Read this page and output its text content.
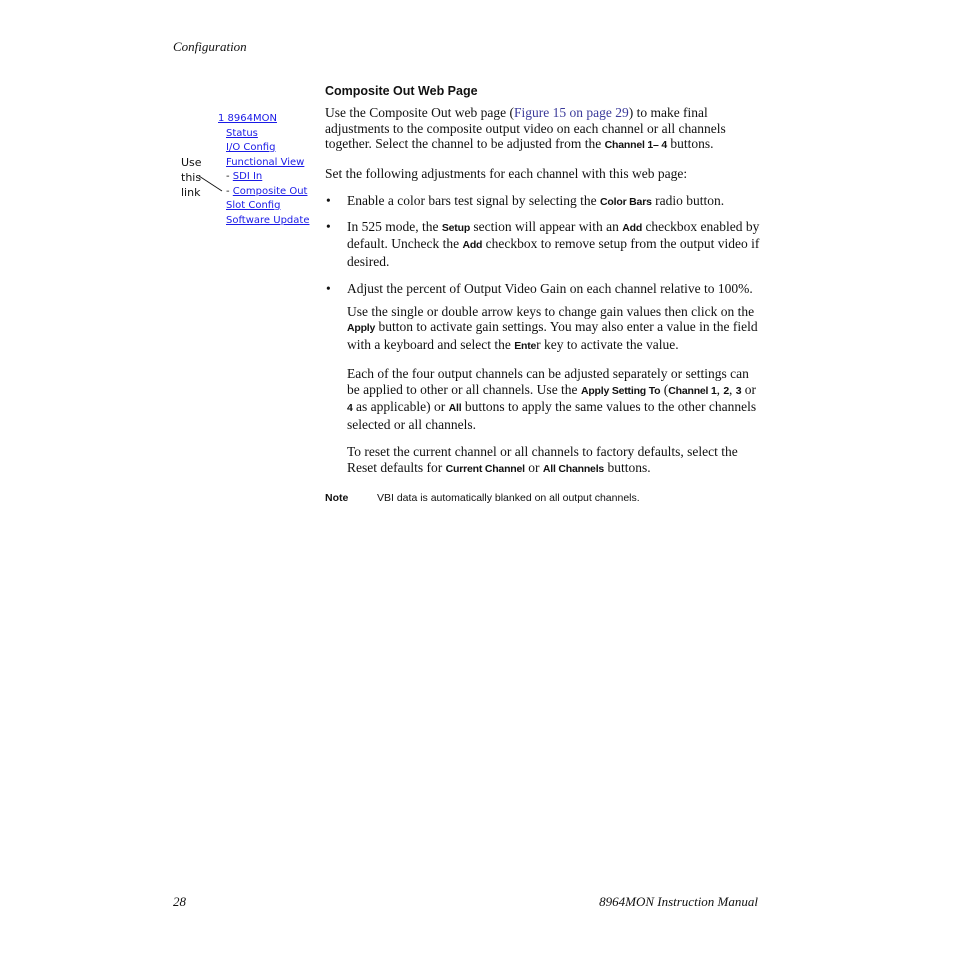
Configuration
1 8964MON
Status
I/O Config
Functional View
- SDI In
- Composite Out
Slot Config
Software Update
Use
this
link
Composite Out Web Page

Use the Composite Out web page (Figure 15 on page 29) to make final adjustments to the composite output video on each channel or all channels together. Select the channel to be adjusted from the Channel 1– 4 buttons.

Set the following adjustments for each channel with this web page:

• Enable a color bars test signal by selecting the Color Bars radio button.
• In 525 mode, the Setup section will appear with an Add checkbox enabled by default. Uncheck the Add checkbox to remove setup from the output video if desired.
• Adjust the percent of Output Video Gain on each channel relative to 100%.

Use the single or double arrow keys to change gain values then click on the Apply button to activate gain settings. You may also enter a value in the field with a keyboard and select the Enter key to activate the value.

Each of the four output channels can be adjusted separately or settings can be applied to other or all channels. Use the Apply Setting To (Channel 1, 2, 3 or 4 as applicable) or All buttons to apply the same values to the other channels selected or all channels.

To reset the current channel or all channels to factory defaults, select the Reset defaults for Current Channel or All Channels buttons.

Note	VBI data is automatically blanked on all output channels.
28	8964MON Instruction Manual
